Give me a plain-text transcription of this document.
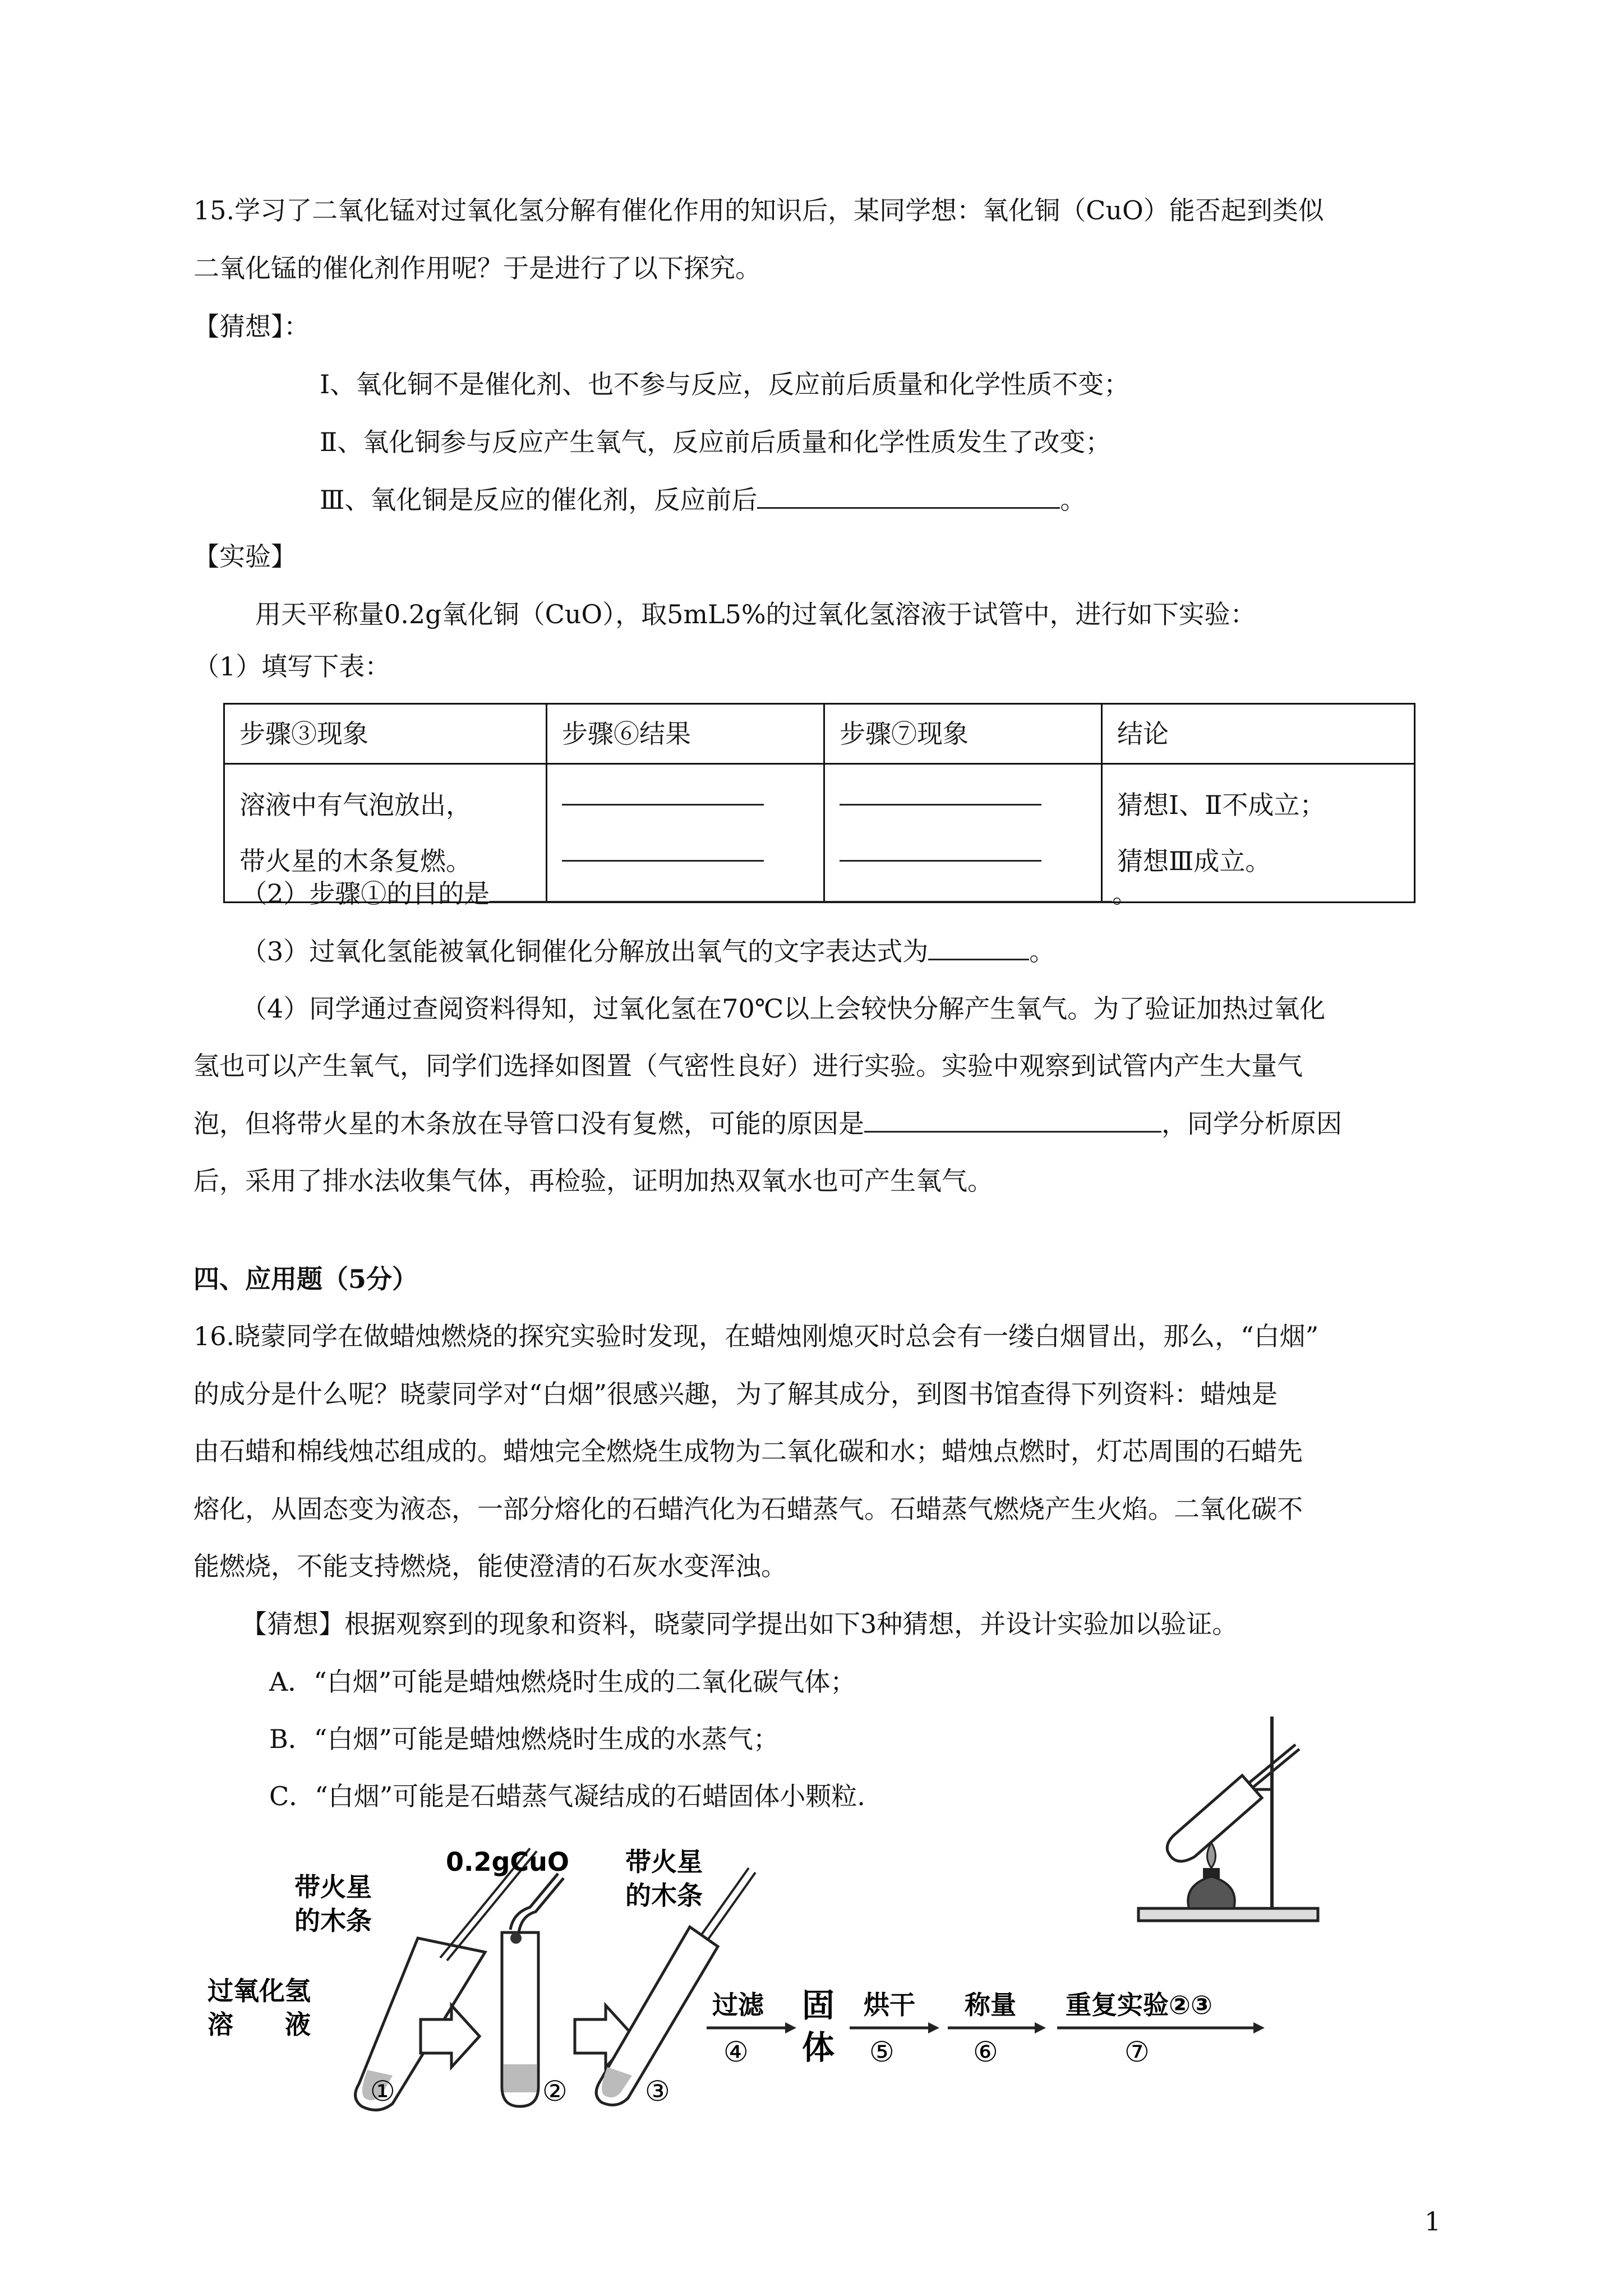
15.学习了二氧化锰对过氧化氢分解有催化作用的知识后，某同学想：氧化铜（CuO）能否起到类似
二氧化锰的催化剂作用呢？于是进行了以下探究。
【猜想】：
Ⅰ、氧化铜不是催化剂、也不参与反应，反应前后质量和化学性质不变；
Ⅱ、氧化铜参与反应产生氧气，反应前后质量和化学性质发生了改变；
Ⅲ、氧化铜是反应的催化剂，反应前后	。
【实验】
用天平称量0.2g氧化铜（CuO），取5mL5%的过氧化氢溶液于试管中，进行如下实验：
（1）填写下表：
步骤③现象	步骤⑥结果	步骤⑦现象	结论

溶液中有气泡放出，
带火星的木条复燃。			猜想Ⅰ、Ⅱ不成立；
猜想Ⅲ成立。
（2）步骤①的目的是	。
（3）过氧化氢能被氧化铜催化分解放出氧气的文字表达式为	。
（4）同学通过查阅资料得知，过氧化氢在70℃以上会较快分解产生氧气。为了验证加热过氧化
氢也可以产生氧气，同学们选择如图置（气密性良好）进行实验。实验中观察到试管内产生大量气
泡，但将带火星的木条放在导管口没有复燃，可能的原因是	，同学分析原因
后，采用了排水法收集气体，再检验，证明加热双氧水也可产生氧气。
四、应用题（5分）
16.晓蒙同学在做蜡烛燃烧的探究实验时发现，在蜡烛刚熄灭时总会有一缕白烟冒出，那么，“白烟”
的成分是什么呢？晓蒙同学对“白烟”很感兴趣，为了解其成分，到图书馆查得下列资料：蜡烛是
由石蜡和棉线烛芯组成的。蜡烛完全燃烧生成物为二氧化碳和水；蜡烛点燃时，灯芯周围的石蜡先
熔化，从固态变为液态，一部分熔化的石蜡汽化为石蜡蒸气。石蜡蒸气燃烧产生火焰。二氧化碳不
能燃烧，不能支持燃烧，能使澄清的石灰水变浑浊。
【猜想】根据观察到的现象和资料，晓蒙同学提出如下3种猜想，并设计实验加以验证。
A．“白烟”可能是蜡烛燃烧时生成的二氧化碳气体；
B．“白烟”可能是蜡烛燃烧时生成的水蒸气；
C．“白烟”可能是石蜡蒸气凝结成的石蜡固体小颗粒.
带火星
的木条
过氧化氢
溶　　液
①
0.2gCuO
②
带火星
的木条
③
过滤
④
固
体
烘干
⑤
称量
⑥
重复实验②③
⑦
1
